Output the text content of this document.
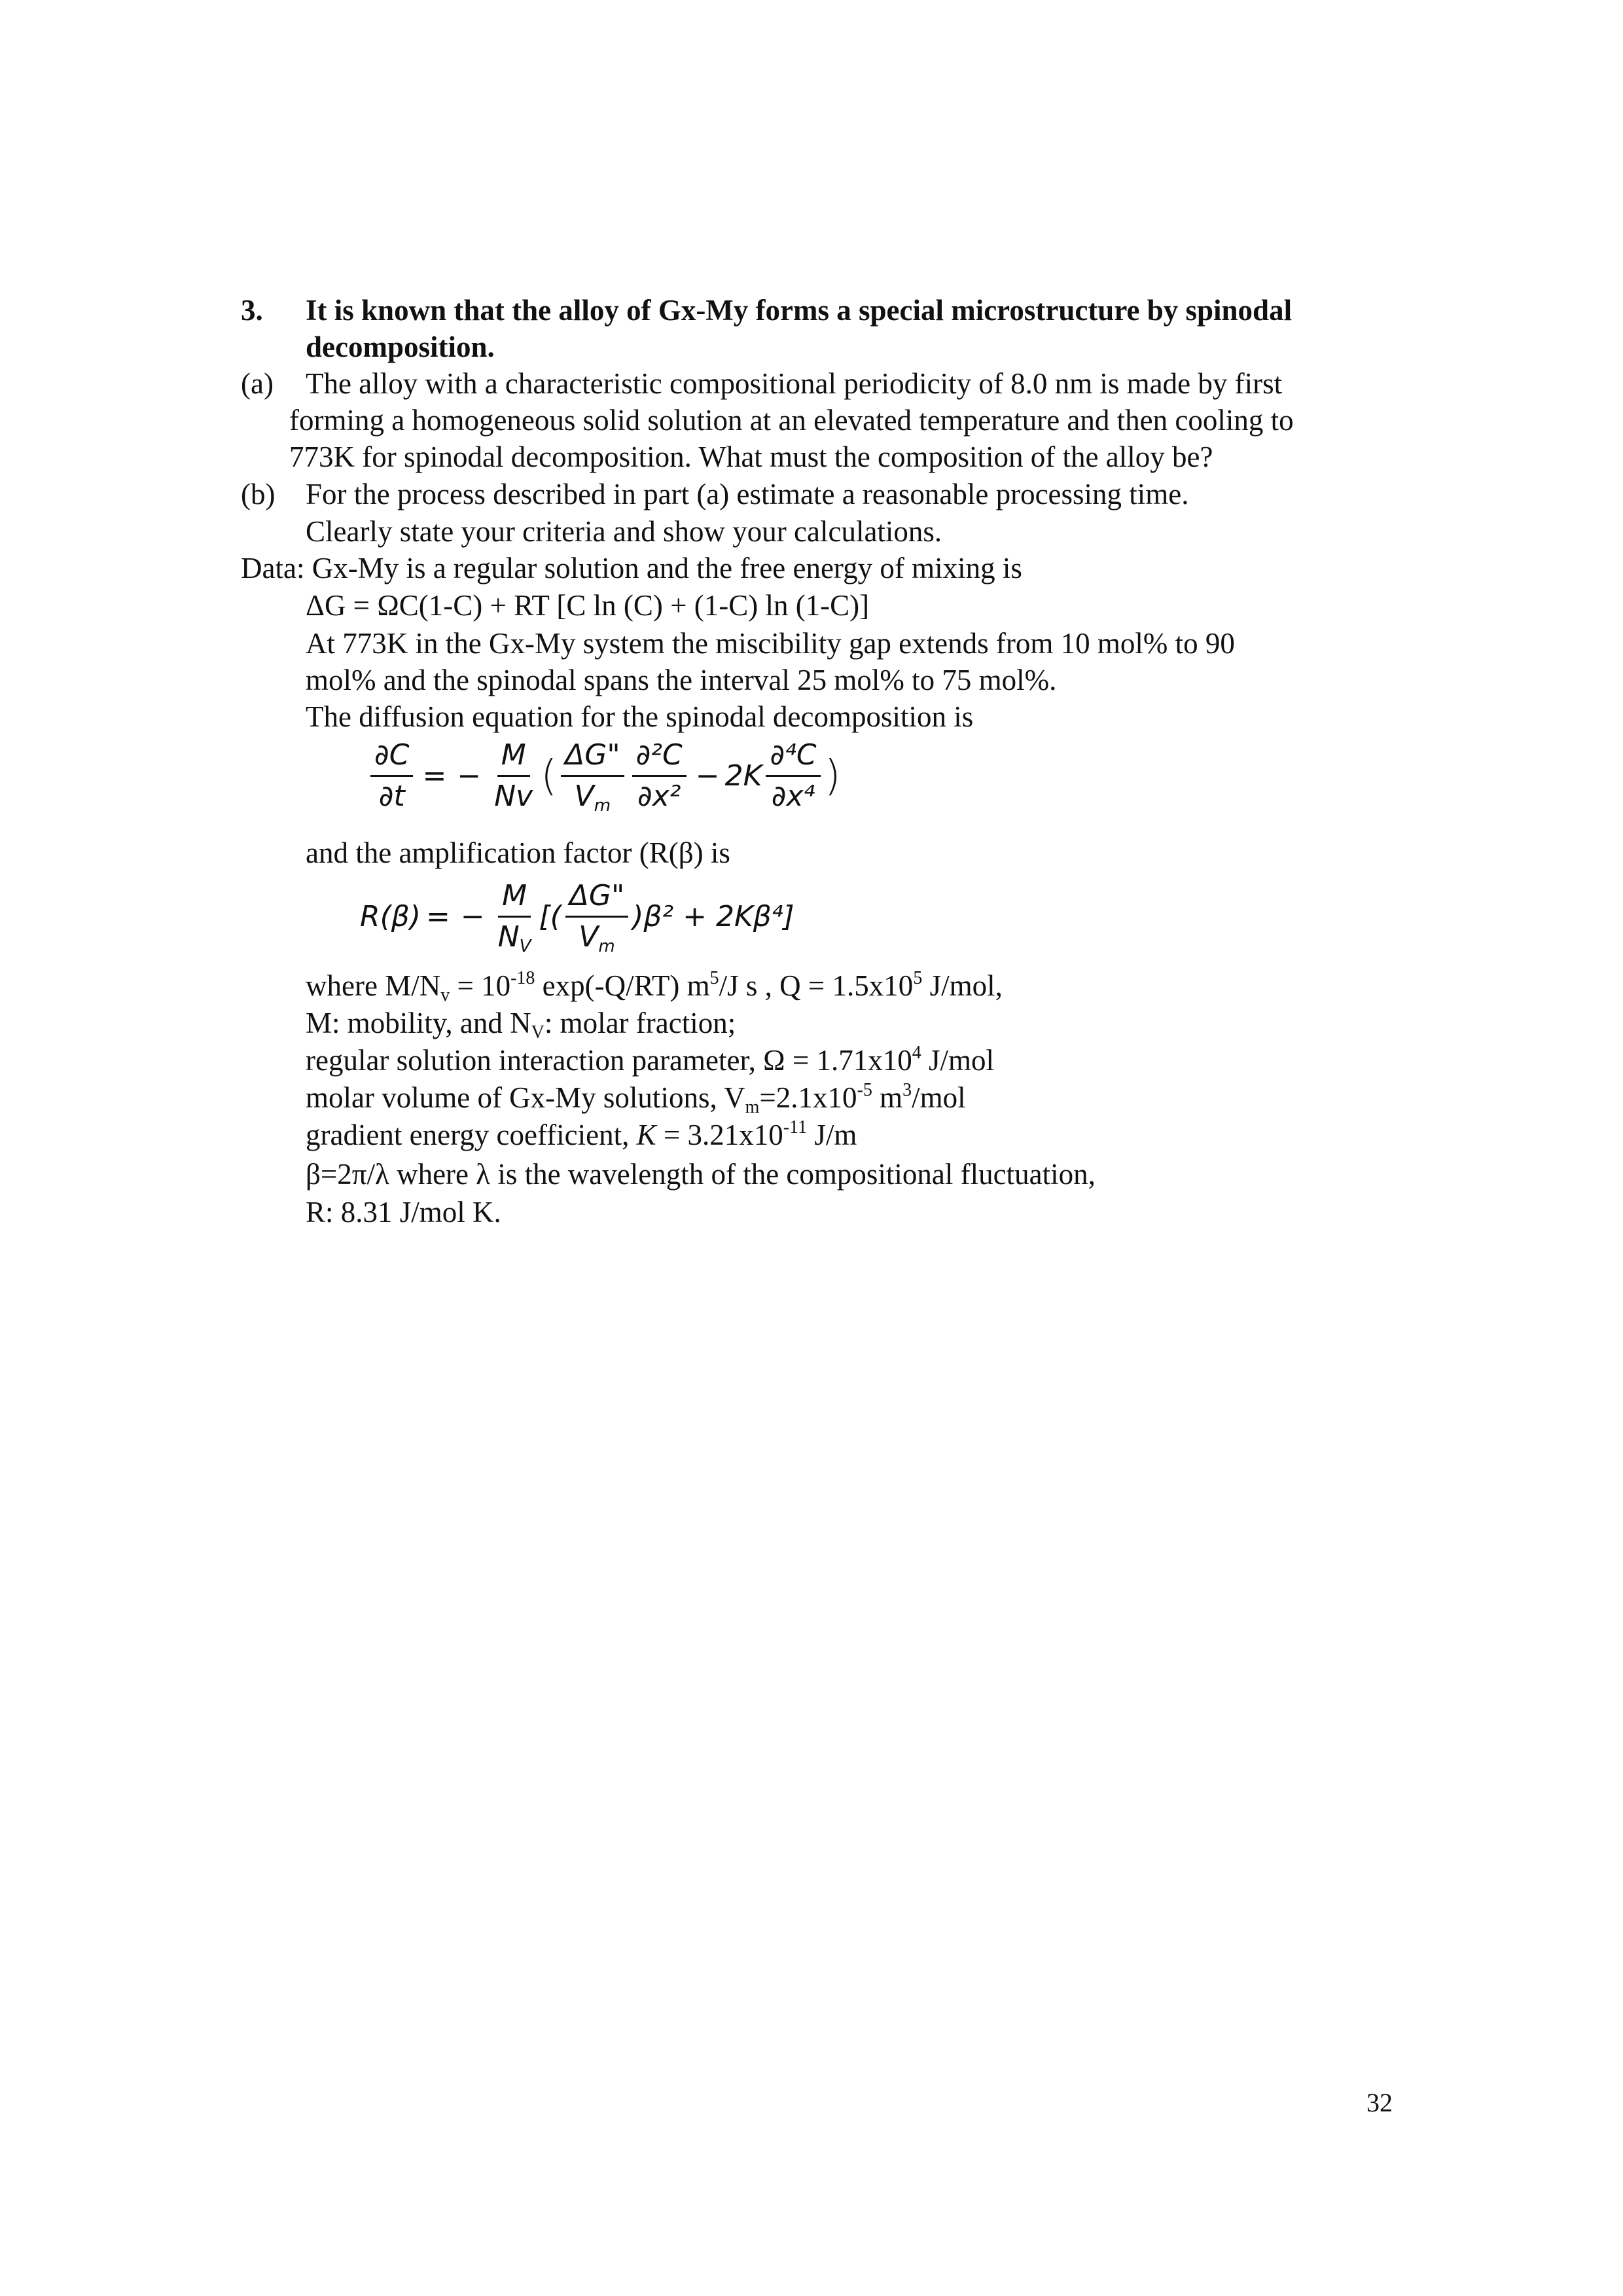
3. It is known that the alloy of Gx-My forms a special microstructure by spinodal
decomposition.
(a) The alloy with a characteristic compositional periodicity of 8.0 nm is made by first
forming a homogeneous solid solution at an elevated temperature and then cooling to
773K for spinodal decomposition. What must the composition of the alloy be?
(b) For the process described in part (a) estimate a reasonable processing time.
Clearly state your criteria and show your calculations.
Data: Gx-My is a regular solution and the free energy of mixing is
ΔG = ΩC(1-C) + RT [C ln (C) + (1-C) ln (1-C)]
At 773K in the Gx-My system the miscibility gap extends from 10 mol% to 90
mol% and the spinodal spans the interval 25 mol% to 75 mol%.
The diffusion equation for the spinodal decomposition is
$\frac{\partial C}{\partial t}$ = − $\frac{M}{Nv}$ ( $\frac{\Delta G"}{V_m} \frac{\text{∂²C}}{\text{∂x²}} - 2K \frac{\text{∂⁴C}}{\text{∂x⁴}}$ )
and the amplification factor (R(β) is
R(β) = − $\frac{M}{N_V}$ [( $\frac{\Delta G"}{V_m} )\beta^2 + 2K\beta^4$ ]
where $M/N_v = 10^{-18}$ exp(-Q/RT) $m^5/J$ s , $Q = 1.5x10^5$ J/mol,
M: mobility, and $N_V$: molar fraction;
regular solution interaction parameter, $\Omega = 1.71x10^4$ J/mol
molar volume of Gx-My solutions, $V_m=2.1x10^{-5}$ $m^3$/mol
gradient energy coefficient, $K = 3.21x10^{-11}$ J/m
β=2π/λ where λ is the wavelength of the compositional fluctuation,
R: 8.31 J/mol K.
32
